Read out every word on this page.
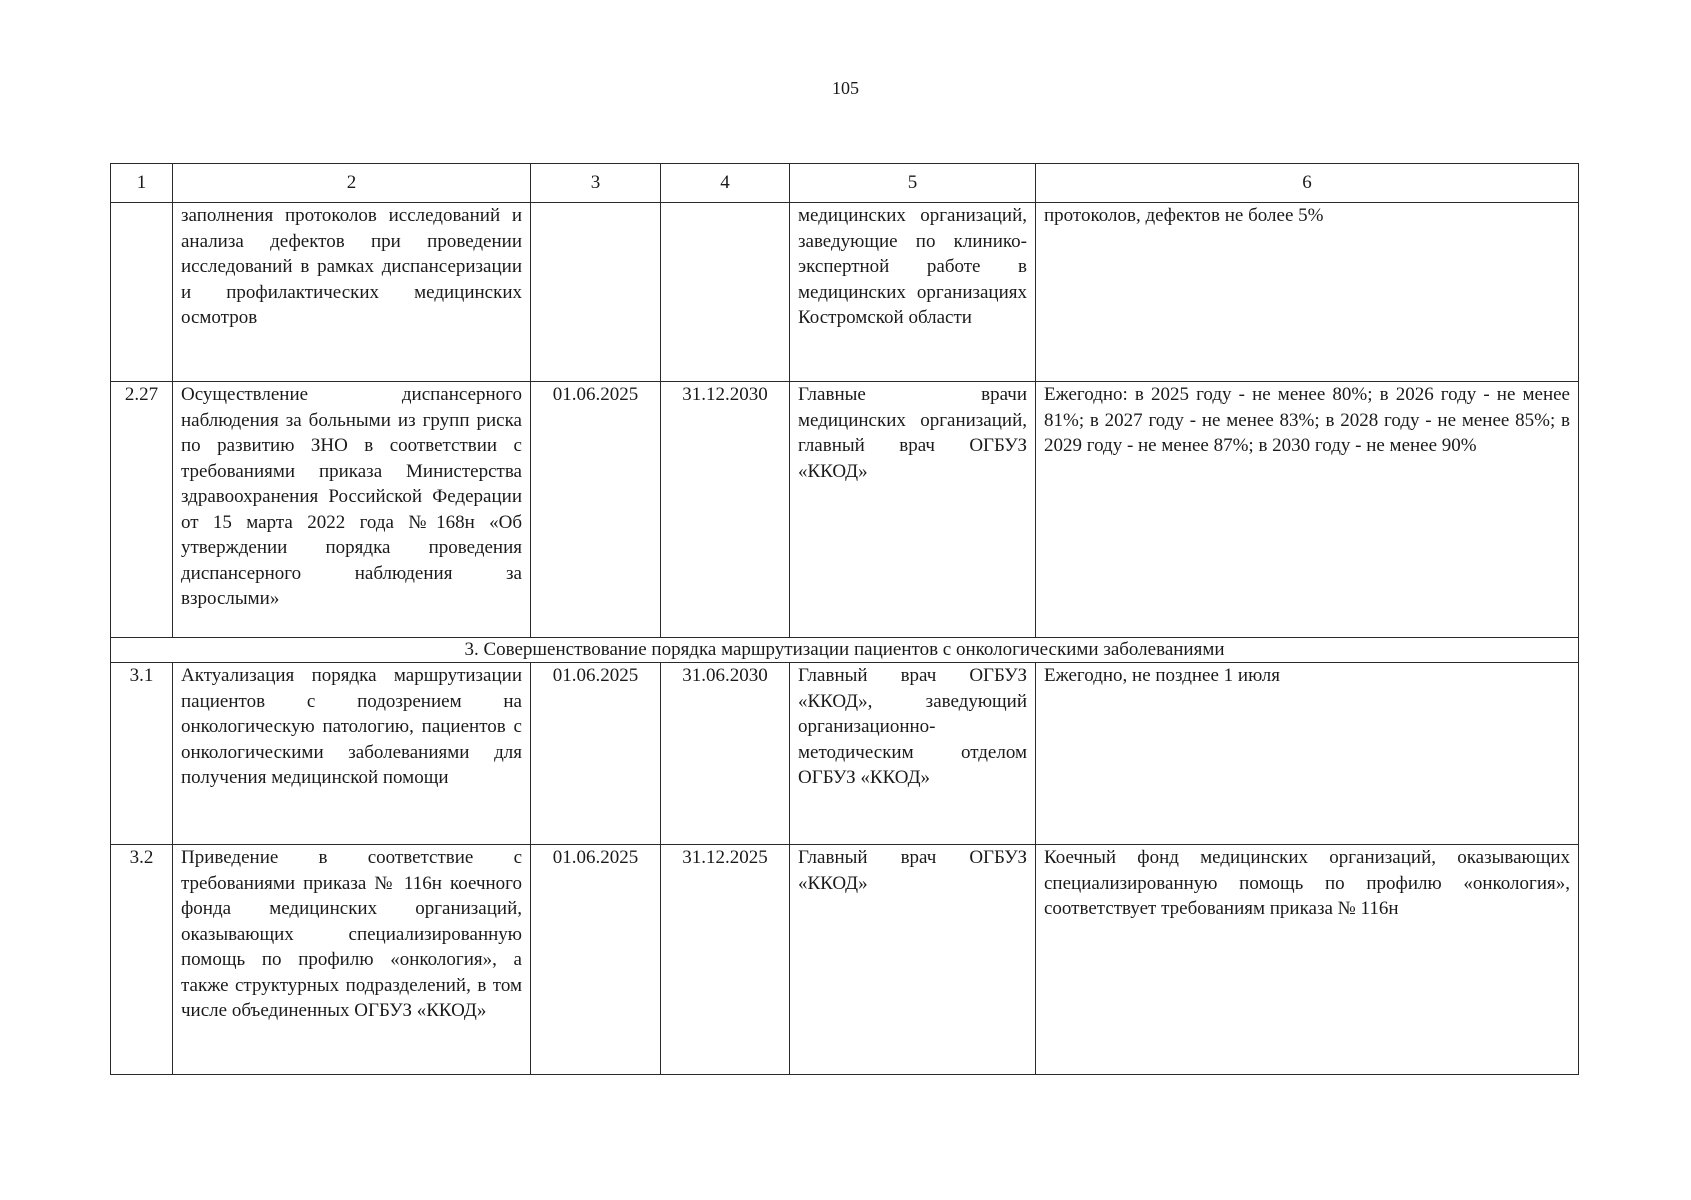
105
1	2	3	4	5	6
	заполнения протоколов исследований и анализа дефектов при проведении исследований в рамках диспансеризации и профилактических медицинских осмотров			медицинских организаций, заведующие по клинико-экспертной работе в медицинских организациях Костромской области	протоколов, дефектов не более 5%
2.27	Осуществление диспансерного наблюдения за больными из групп риска по развитию ЗНО в соответствии с требованиями приказа Министерства здравоохранения Российской Федерации от 15 марта 2022 года №168н «Об утверждении порядка проведения диспансерного наблюдения за взрослыми»	01.06.2025	31.12.2030	Главные врачи медицинских организаций, главный врач ОГБУЗ «ККОД»	Ежегодно: в 2025 году - не менее 80%; в 2026 году - не менее 81%; в 2027 году - не менее 83%; в 2028 году - не менее 85%; в 2029 году - не менее 87%; в 2030 году - не менее 90%
3. Совершенствование порядка маршрутизации пациентов с онкологическими заболеваниями					
3.1	Актуализация порядка маршрутизации пациентов с подозрением на онкологическую патологию, пациентов с онкологическими заболеваниями для получения медицинской помощи	01.06.2025	31.06.2030	Главный врач ОГБУЗ «ККОД», заведующий организационно-методическим отделом ОГБУЗ «ККОД»	Ежегодно, не позднее 1 июля
3.2	Приведение в соответствие с требованиями приказа № 116н коечного фонда медицинских организаций, оказывающих специализированную помощь по профилю «онкология», а также структурных подразделений, в том числе объединенных ОГБУЗ «ККОД»	01.06.2025	31.12.2025	Главный врач ОГБУЗ «ККОД»	Коечный фонд медицинских организаций, оказывающих специализированную помощь по профилю «онкология», соответствует требованиям приказа № 116н
